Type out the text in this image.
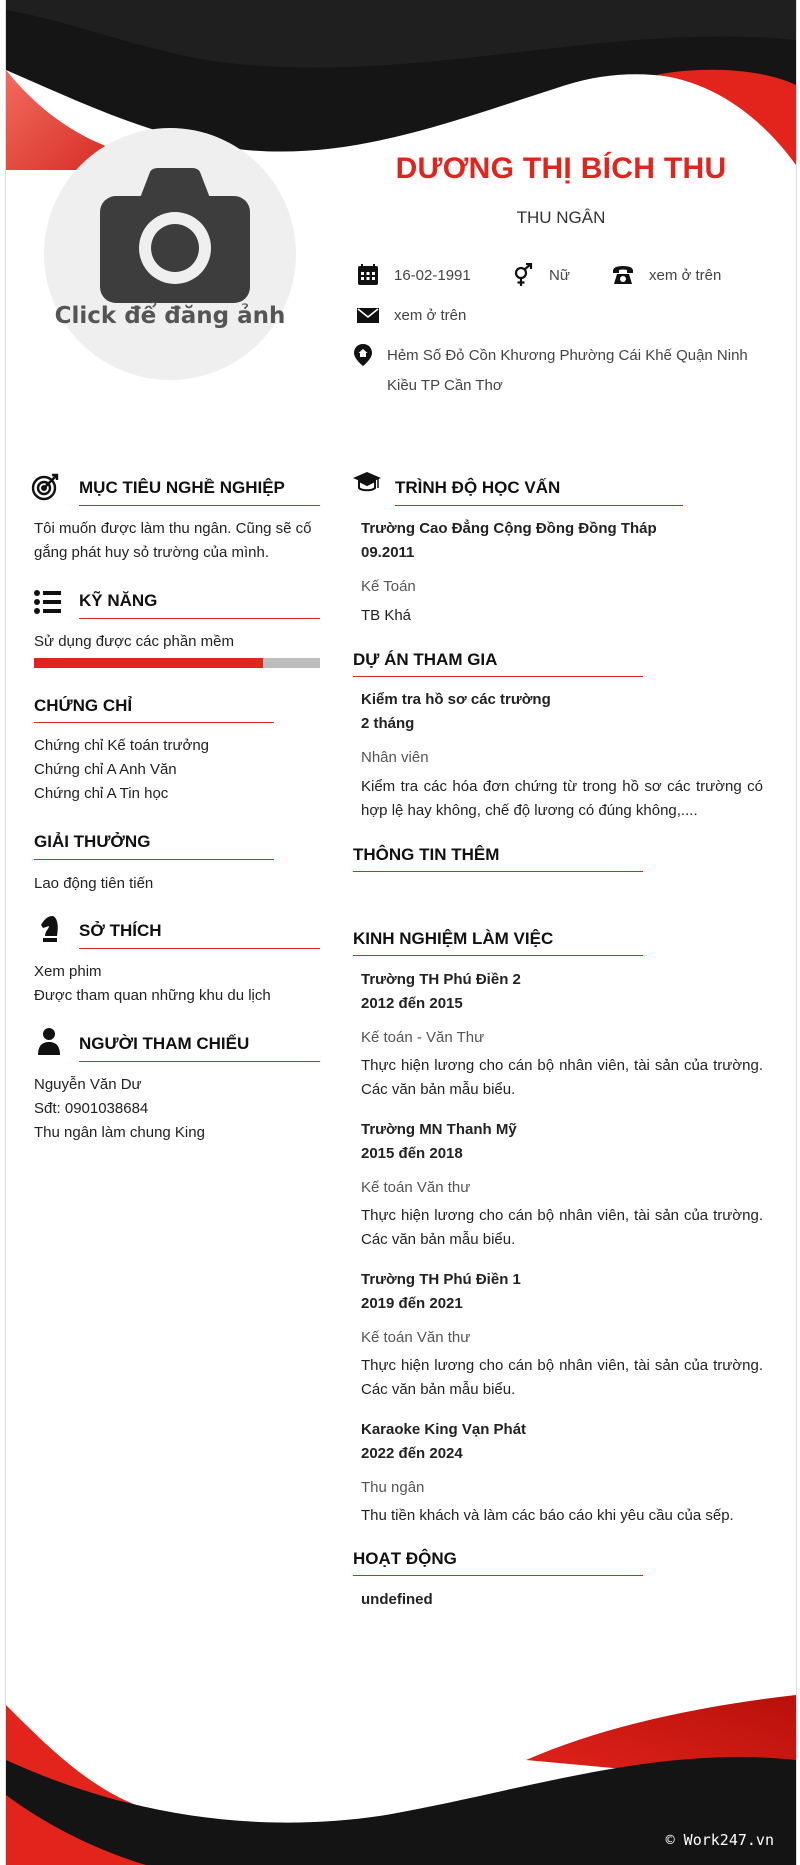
Click để đăng ảnh
DƯƠNG THỊ BÍCH THU
THU NGÂN
16-02-1991	Nữ	xem ở trên
xem ở trên
Hẻm Số Đỏ Cồn Khương Phường Cái Khế Quận Ninh Kiều TP Cần Thơ
MỤC TIÊU NGHỀ NGHIỆP
Tôi muốn được làm thu ngân. Cũng sẽ cố gắng phát huy sỏ trường của mình.
KỸ NĂNG
Sử dụng được các phần mềm
CHỨNG CHỈ
Chứng chỉ Kế toán trưởng
Chứng chỉ A Anh Văn
Chứng chỉ A Tin học
GIẢI THƯỞNG
Lao động tiên tiến
SỞ THÍCH
Xem phim
Được tham quan những khu du lịch
NGƯỜI THAM CHIẾU
Nguyễn Văn Dư
Sđt: 0901038684
Thu ngân làm chung King
TRÌNH ĐỘ HỌC VẤN
Trường Cao Đẳng Cộng Đồng Đồng Tháp
09.2011
Kế Toán
TB Khá
DỰ ÁN THAM GIA
Kiểm tra hồ sơ các trường
2 tháng
Nhân viên
Kiểm tra các hóa đơn chứng từ trong hồ sơ các trường có hợp lệ hay không, chế độ lương có đúng không,....
THÔNG TIN THÊM
KINH NGHIỆM LÀM VIỆC
Trường TH Phú Điền 2
2012 đến 2015
Kế toán - Văn Thư
Thực hiện lương cho cán bộ nhân viên, tài sản của trường. Các văn bản mẫu biểu.
Trường MN Thanh Mỹ
2015 đến 2018
Kế toán Văn thư
Thực hiện lương cho cán bộ nhân viên, tài sản của trường. Các văn bản mẫu biểu.
Trường TH Phú Điền 1
2019 đến 2021
Kế toán Văn thư
Thực hiện lương cho cán bộ nhân viên, tài sản của trường. Các văn bản mẫu biểu.
Karaoke King Vạn Phát
2022 đến 2024
Thu ngân
Thu tiền khách và làm các báo cáo khi yêu cầu của sếp.
HOẠT ĐỘNG
undefined
© Work247.vn
